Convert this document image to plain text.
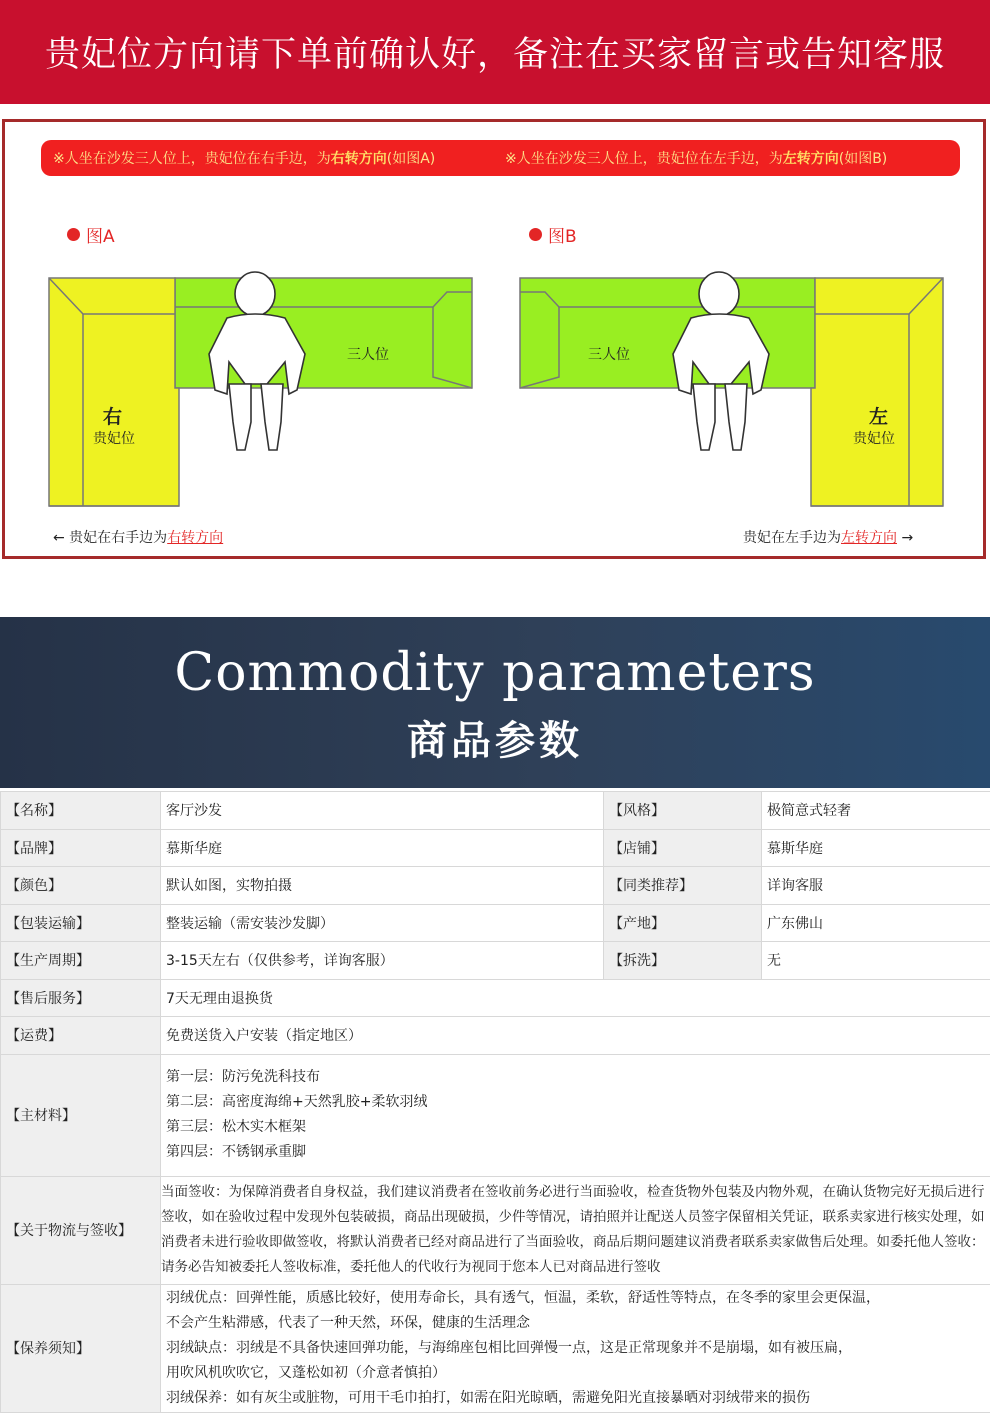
贵妃位方向请下单前确认好，备注在买家留言或告知客服
※人坐在沙发三人位上，贵妃位在右手边，为右转方向(如图A)	※人坐在沙发三人位上，贵妃位在左手边，为左转方向(如图B)
图A	图B
三人位	三人位
右
贵妃位
左
贵妃位
← 贵妃在右手边为右转方向	贵妃在左手边为左转方向 →
Commodity parameters
商品参数
【名称】	客厅沙发	【风格】	极简意式轻奢
【品牌】	慕斯华庭	【店铺】	慕斯华庭
【颜色】	默认如图，实物拍摄	【同类推荐】	详询客服
【包装运输】	整装运输（需安装沙发脚）	【产地】	广东佛山
【生产周期】	3-15天左右（仅供参考，详询客服）	【拆洗】	无
【售后服务】	7天无理由退换货		
【运费】	免费送货入户安装（指定地区）		
【主材料】	第一层：防污免洗科技布
第二层：高密度海绵+天然乳胶+柔软羽绒
第三层：松木实木框架
第四层：不锈钢承重脚		

【关于物流与签收】	当面签收：为保障消费者自身权益，我们建议消费者在签收前务必进行当面验收，检查货物外包装及内物外观，在确认货物完好无损后进行签收，如在验收过程中发现外包装破损，商品出现破损，少件等情况，请拍照并让配送人员签字保留相关凭证，联系卖家进行核实处理，如消费者未进行验收即做签收，将默认消费者已经对商品进行了当面验收，商品后期问题建议消费者联系卖家做售后处理。如委托他人签收：请务必告知被委托人签收标准，委托他人的代收行为视同于您本人已对商品进行签收		
【保养须知】	羽绒优点：回弹性能，质感比较好，使用寿命长，具有透气，恒温，柔软，舒适性等特点，在冬季的家里会更保温，
不会产生粘滞感，代表了一种天然，环保，健康的生活理念
羽绒缺点：羽绒是不具备快速回弹功能，与海绵座包相比回弹慢一点，这是正常现象并不是崩塌，如有被压扁，
用吹风机吹吹它，又蓬松如初（介意者慎拍）
羽绒保养：如有灰尘或脏物，可用干毛巾拍打，如需在阳光晾晒，需避免阳光直接暴晒对羽绒带来的损伤		
